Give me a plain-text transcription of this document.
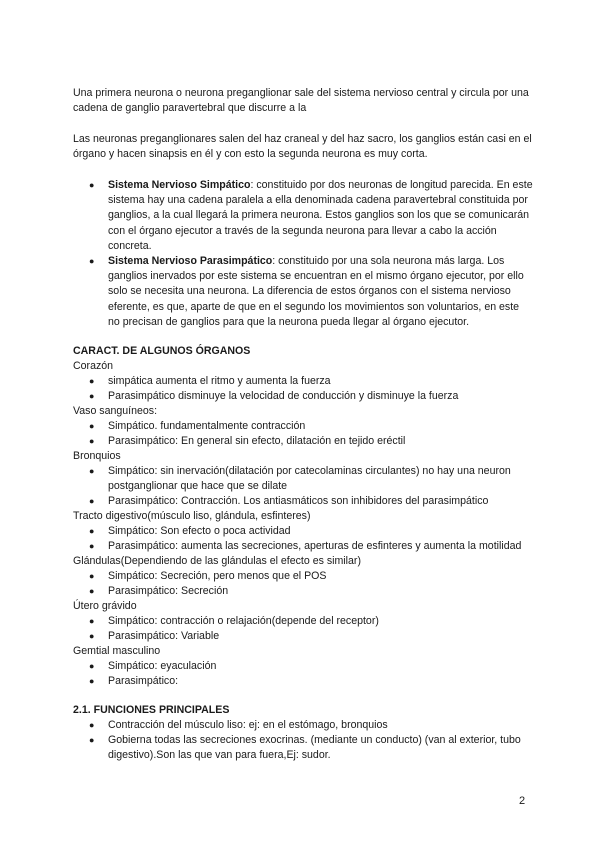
Una primera neurona o neurona preganglionar sale del sistema nervioso central y circula por una cadena de ganglio paravertebral que discurre a la

Las neuronas preganglionares salen del haz craneal y del haz sacro, los ganglios están casi en el órgano y hacen sinapsis en él y con esto la segunda neurona es muy corta.

●	Sistema Nervioso Simpático: constituido por dos neuronas de longitud parecida. En este sistema hay una cadena paralela a ella denominada cadena paravertebral constituida por ganglios, a la cual llegará la primera neurona. Estos ganglios son los que se comunicarán con el órgano ejecutor a través de la segunda neurona para llevar a cabo la acción concreta.
●	Sistema Nervioso Parasimpático: constituido por una sola neurona más larga. Los ganglios inervados por este sistema se encuentran en el mismo órgano ejecutor, por ello solo se necesita una neurona. La diferencia de estos órganos con el sistema nervioso eferente, es que, aparte de que en el segundo los movimientos son voluntarios, en este no precisan de ganglios para que la neurona pueda llegar al órgano ejecutor.

CARACT. DE ALGUNOS ÓRGANOS

Corazón

●	simpática aumenta el ritmo y aumenta la fuerza
●	Parasimpático disminuye la velocidad de conducción y disminuye la fuerza

Vaso sanguíneos:

●	Simpático. fundamentalmente contracción
●	Parasimpático: En general sin efecto, dilatación en tejido eréctil

Bronquios

●	Simpático: sin inervación(dilatación por catecolaminas circulantes) no hay una neuron postganglionar que hace que se dilate
●	Parasimpático: Contracción. Los antiasmáticos son inhibidores del parasimpático

Tracto digestivo(músculo liso, glándula, esfinteres)

●	Simpático: Son efecto o poca actividad
●	Parasimpático: aumenta las secreciones, aperturas de esfinteres y aumenta la motilidad

Glándulas(Dependiendo de las glándulas el efecto es similar)

●	Simpático: Secreción, pero menos que el POS
●	Parasimpático: Secreción

Útero grávido

●	Simpático: contracción o relajación(depende del receptor)
●	Parasimpático: Variable

Gemtial masculino

●	Simpático: eyaculación
●	Parasimpático:

2.1. FUNCIONES PRINCIPALES

●	Contracción del músculo liso: ej: en el estómago, bronquios
●	Gobierna todas las secreciones exocrinas. (mediante un conducto) (van al exterior, tubo digestivo).Son las que van para fuera,Ej: sudor.
2
